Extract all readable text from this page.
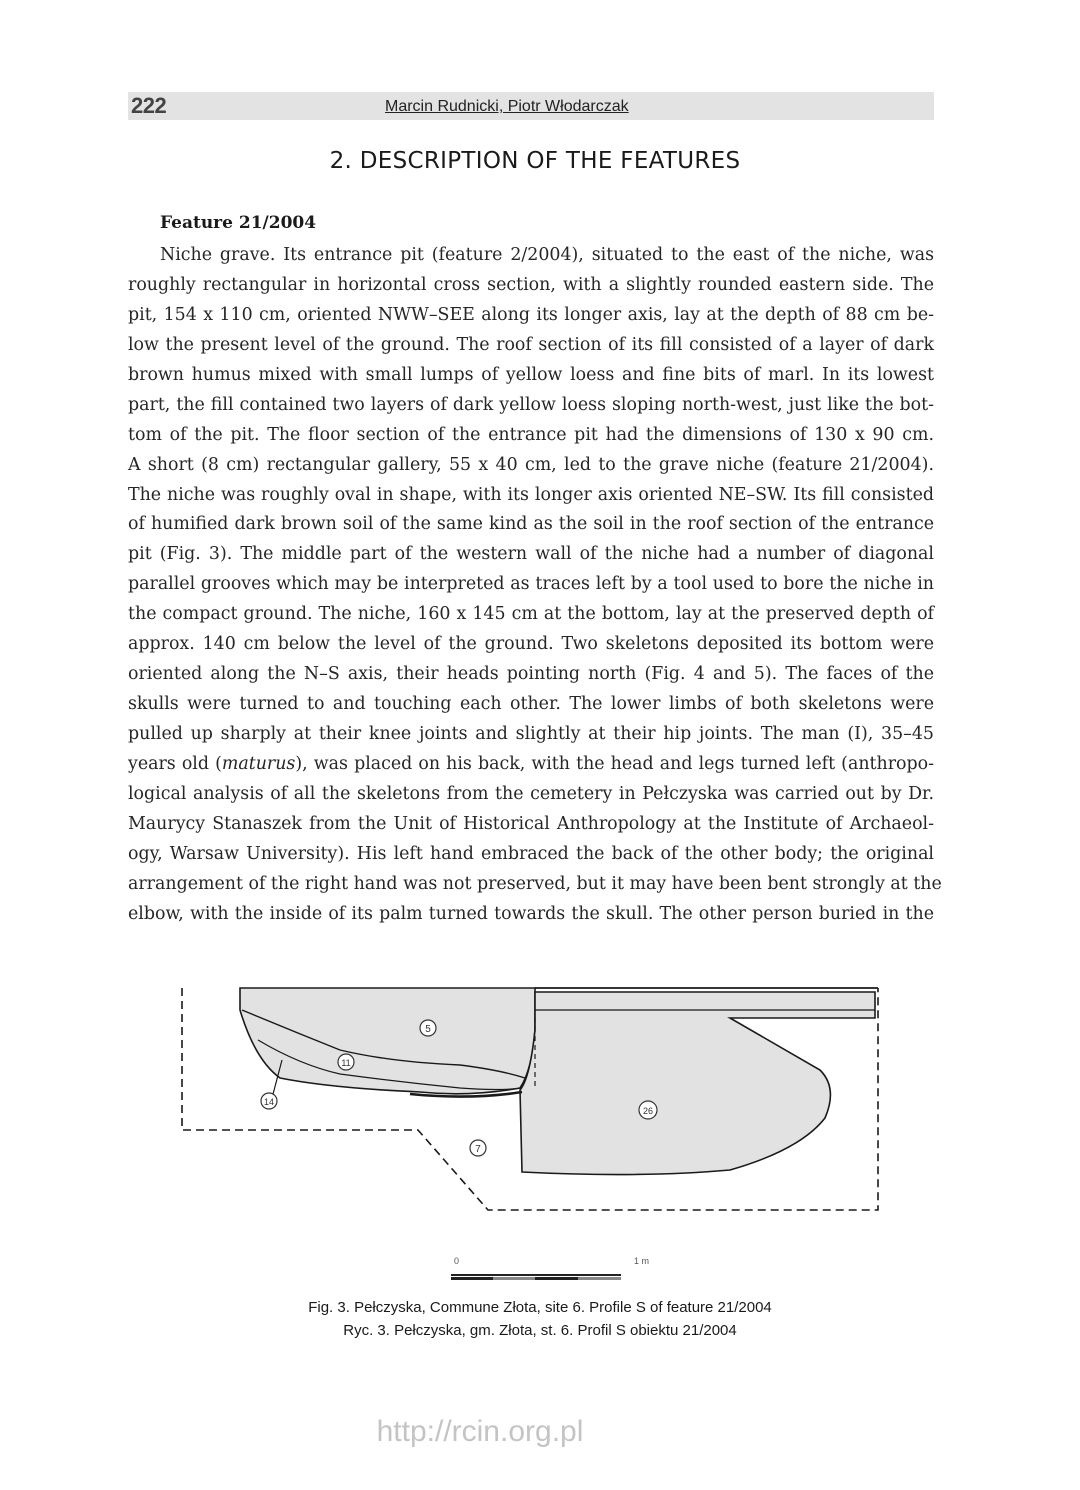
222	Marcin Rudnicki, Piotr Włodarczak
2. DESCRIPTION OF THE FEATURES
Feature 21/2004
Niche grave. Its entrance pit (feature 2/2004), situated to the east of the niche, was
roughly rectangular in horizontal cross section, with a slightly rounded eastern side. The
pit, 154 x 110 cm, oriented NWW–SEE along its longer axis, lay at the depth of 88 cm be-
low the present level of the ground. The roof section of its fill consisted of a layer of dark
brown humus mixed with small lumps of yellow loess and fine bits of marl. In its lowest
part, the fill contained two layers of dark yellow loess sloping north-west, just like the bot-
tom of the pit. The floor section of the entrance pit had the dimensions of 130 x 90 cm.
A short (8 cm) rectangular gallery, 55 x 40 cm, led to the grave niche (feature 21/2004).
The niche was roughly oval in shape, with its longer axis oriented NE–SW. Its fill consisted
of humified dark brown soil of the same kind as the soil in the roof section of the entrance
pit (Fig. 3). The middle part of the western wall of the niche had a number of diagonal
parallel grooves which may be interpreted as traces left by a tool used to bore the niche in
the compact ground. The niche, 160 x 145 cm at the bottom, lay at the preserved depth of
approx. 140 cm below the level of the ground. Two skeletons deposited its bottom were
oriented along the N–S axis, their heads pointing north (Fig. 4 and 5). The faces of the
skulls were turned to and touching each other. The lower limbs of both skeletons were
pulled up sharply at their knee joints and slightly at their hip joints. The man (I), 35–45
years old (maturus), was placed on his back, with the head and legs turned left (anthropo-
logical analysis of all the skeletons from the cemetery in Pełczyska was carried out by Dr.
Maurycy Stanaszek from the Unit of Historical Anthropology at the Institute of Archaeol-
ogy, Warsaw University). His left hand embraced the back of the other body; the original
arrangement of the right hand was not preserved, but it may have been bent strongly at the
elbow, with the inside of its palm turned towards the skull. The other person buried in the
5
11
14
26
7
0	1 m
Fig. 3. Pełczyska, Commune Złota, site 6. Profile S of feature 21/2004
Ryc. 3. Pełczyska, gm. Złota, st. 6. Profil S obiektu 21/2004
http://rcin.org.pl
